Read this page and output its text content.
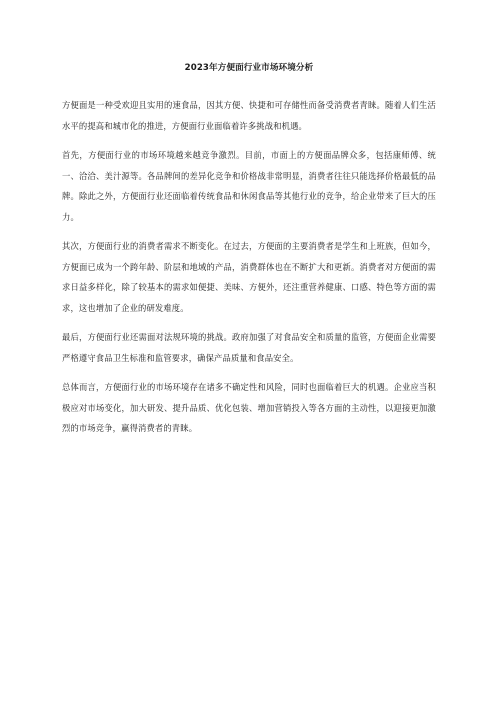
2023年方便面行业市场环境分析

方便面是一种受欢迎且实用的速食品，因其方便、快捷和可存储性而备受消费者青睐。随着人们生活水平的提高和城市化的推进，方便面行业面临着许多挑战和机遇。

首先，方便面行业的市场环境越来越竞争激烈。目前，市面上的方便面品牌众多，包括康师傅、统一、洽洽、美汁源等。各品牌间的差异化竞争和价格战非常明显，消费者往往只能选择价格最低的品牌。除此之外，方便面行业还面临着传统食品和休闲食品等其他行业的竞争，给企业带来了巨大的压力。

其次，方便面行业的消费者需求不断变化。在过去，方便面的主要消费者是学生和上班族，但如今，方便面已成为一个跨年龄、阶层和地域的产品，消费群体也在不断扩大和更新。消费者对方便面的需求日益多样化，除了较基本的需求如便捷、美味、方便外，还注重营养健康、口感、特色等方面的需求，这也增加了企业的研发难度。

最后，方便面行业还需面对法规环境的挑战。政府加强了对食品安全和质量的监管，方便面企业需要严格遵守食品卫生标准和监管要求，确保产品质量和食品安全。

总体而言，方便面行业的市场环境存在诸多不确定性和风险，同时也面临着巨大的机遇。企业应当积极应对市场变化，加大研发、提升品质、优化包装、增加营销投入等各方面的主动性，以迎接更加激烈的市场竞争，赢得消费者的青睐。
